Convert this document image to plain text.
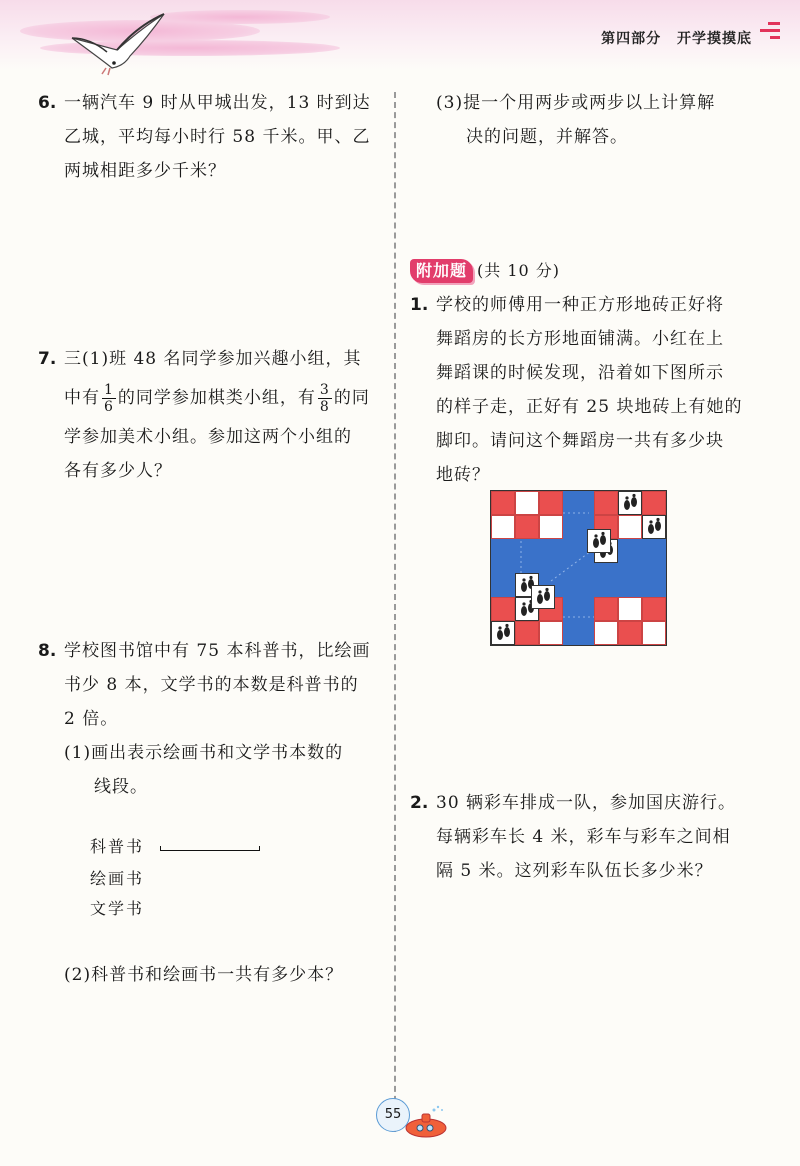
第四部分 开学摸摸底
6. 一辆汽车 9 时从甲城出发，13 时到达
乙城，平均每小时行 58 千米。甲、乙
两城相距多少千米？
7. 三(1)班 48 名同学参加兴趣小组，其
中有 $\frac{1}{6}$ 的同学参加棋类小组，有 $\frac{3}{8}$ 的同
学参加美术小组。参加这两个小组的
各有多少人？
8. 学校图书馆中有 75 本科普书，比绘画
书少 8 本，文学书的本数是科普书的
2 倍。
(1)画出表示绘画书和文学书本数的
线段。
科普书
绘画书
文学书
(2)科普书和绘画书一共有多少本？
(3)提一个用两步或两步以上计算解
决的问题，并解答。
附加题 (共 10 分)
1. 学校的师傅用一种正方形地砖正好将
舞蹈房的长方形地面铺满。小红在上
舞蹈课的时候发现，沿着如下图所示
的样子走，正好有 25 块地砖上有她的
脚印。请问这个舞蹈房一共有多少块
地砖？
2. 30 辆彩车排成一队，参加国庆游行。
每辆彩车长 4 米，彩车与彩车之间相
隔 5 米。这列彩车队伍长多少米？
55
